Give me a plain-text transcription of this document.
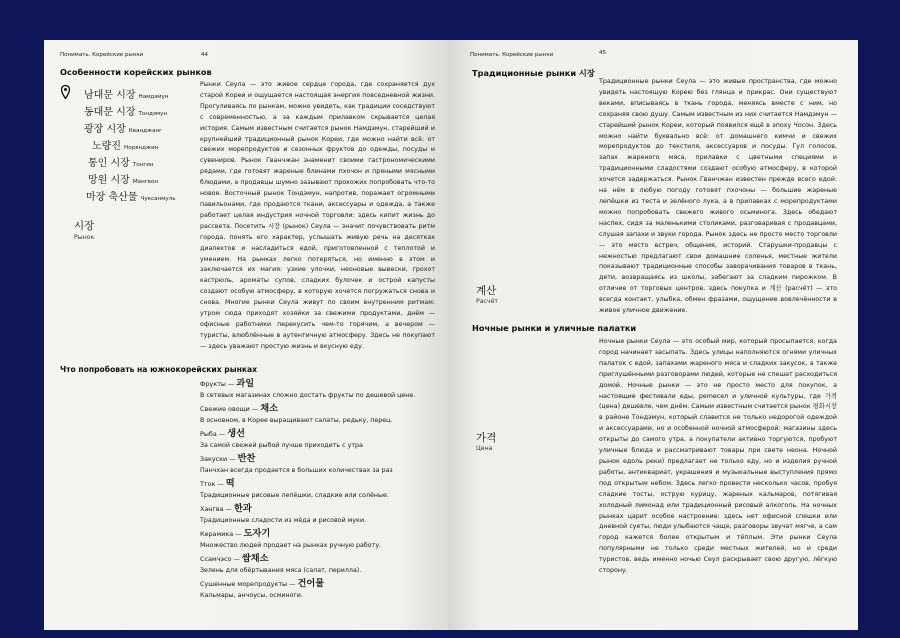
Понимать. Корейские рынки	44
Особенности корейских рынков
남대문 시장 Намдэмун
동대문 시장 Тондэмун
광장 시장 Кванджанг
노량진 Норянджин
통인 시장 Тонгин
망원 시장 Мангвон
마장 축산물 Чуксанмуль
시장
Рынок

Рынки Сеула — это живое сердце города, где сохраняется дух старой Кореи и ощущается настоящая энергия повседневной жизни. Прогуливаясь по рынкам, можно увидеть, как традиции соседствуют с современностью, а за каждым прилавком скрывается целая история. Самым известным считается рынок Намдэмун, старейший и крупнейший традиционный рынок Кореи, где можно найти всё: от свежих морепродуктов и сезонных фруктов до одежды, посуды и сувениров. Рынок Гванчжан знаменит своими гастрономическими рядами, где готовят жареные блинами пхочон и пряными мясными блюдами, а продавцы шумно зазывают прохожих попробовать что-то новое. Восточный рынок Тондэмун, напротив, поражает огромными павильонами, где продаются ткани, аксессуары и одежда, а также работает целая индустрия ночной торговли: здесь кипит жизнь до рассвета. Посетить 시장 (рынок) Сеула — значит почувствовать ритм города, понять его характер, услышать живую речь на десятках диалектов и насладиться едой, приготовленной с теплотой и умением. На рынках легко потеряться, но именно в этом и заключается их магия: узкие улочки, неоновые вывески, грохот кастрюль, ароматы супов, сладких булочек и острой капусты создают особую атмосферу, в которую хочется погружаться снова и снова. Многие рынки Сеула живут по своим внутренним ритмам: утром сюда приходят хозяйки за свежими продуктами, днём — офисные работники перекусить чем-то горячим, а вечером — туристы, влюблённые в аутентичную атмосферу. Здесь не покупают — здесь уважают простую жизнь и вкусную еду.

Что попробовать на южнокорейских рынках
Фрукты — 과일
В сетевых магазинах сложно достать фрукты по дешевой цене.
Свежие овощи — 채소
В основном, в Корее выращивают салаты, редьку, перец.
Рыба — 생선
За самой свежей рыбой лучше приходить с утра
Закуски — 반찬
Панчхан всегда продается в больших количествах за раз
Ттоκ — 떡
Традиционные рисовые лепёшки, сладкие или солёные.
Хангва — 한과
Традиционные сладости из мёда и рисовой муки.
Керамика — 도자기
Множество людей продает на рынках ручную работу.
Ссамчэсо — 쌈채소
Зелень для обёртывания мяса (салат, перилла).
Сушенные морепродукты — 건어물
Кальмары, анчоусы, осминоги.
Понимать. Корейские рынки	45
Традиционные рынки 시장
Традиционные рынки Сеула — это живые пространства, где можно увидеть настоящую Корею без глянца и прикрас. Они существуют веками, вписываясь в ткань города, меняясь вместе с ним, но сохраняя свою душу. Самым известным из них считается Намдэмун — старейший рынок Кореи, который появился ещё в эпоху Чосон. Здесь можно найти буквально всё: от домашнего кимчи и свежих морепродуктов до текстиля, аксессуаров и посуды. Гул голосов, запах жареного мяса, прилавки с цветными специями и традиционными сладостями создают особую атмосферу, в которой хочется задержаться. Рынок Гванчжан известен прежде всего едой: на нём в любую погоду готовят пхочоны — большие жареные лепёшки из теста и зелёного лука, а в прилавках с морепродуктами можно попробовать свежего живого осьминога. Здесь обедают наспех, сидя за маленькими столиками, разговаривая с продавцами, слушая запахи и звуки города. Рынок здесь не просто место торговли — это место встреч, общения, историй. Старушки-продавцы с нежностью предлагают свои домашние соленья, местные жители показывают традиционные способы заворачивания товаров в ткань, дети, возвращаясь из школы, забегают за сладким пирожком. В отличие от торговых центров, здесь покупка и 계산 (расчёт) — это всегда контакт, улыбка, обмен фразами, ощущение вовлечённости в живое уличное движение.
계산
Расчёт
Ночные рынки и уличные палатки
Ночные рынки Сеула — это особый мир, который просыпается, когда город начинает засыпать. Здесь улицы наполняются огнями уличных палаток с едой, запахами жареного мяса и сладких закусок, а также приглушёнными разговорами людей, которые не спешат расходиться домой. Ночные рынки — это не просто место для покупок, а настоящие фестивали еды, рemeсел и уличной культуры, где 가격 (цена) дешевле, чем днём. Самым известным считается рынок 평화시장 в районе Тондэмун, который славится не только недорогой одеждой и аксессуарами, но и особенной ночной атмосферой: магазины здесь открыты до самого утра, а покупатели активно торгуются, пробуют уличные блюда и рассматривают товары при свете неона. Ночной рынок едоль реки) предлагает не только еду, но и изделия ручной работы, антиквариат, украшения и музыкальные выступления прямо под открытым небом. Здесь легко провести несколько часов, пробуя сладкие тосты, острую курицу, жареных кальмаров, потягивая холодный лимонад или традиционный рисовый алкоголь. На ночных рынках царит особое настроение: здесь нет офисной спешки или дневной суеты, люди улыбаются чаще, разговоры звучат мягче, а сам город кажется более открытым и тёплым. Эти рынки Сеула популярными не только среди местных жителей, но и среди туристов, ведь именно ночью Сеул раскрывает свою другую, лёгкую сторону.
가격
Цена
